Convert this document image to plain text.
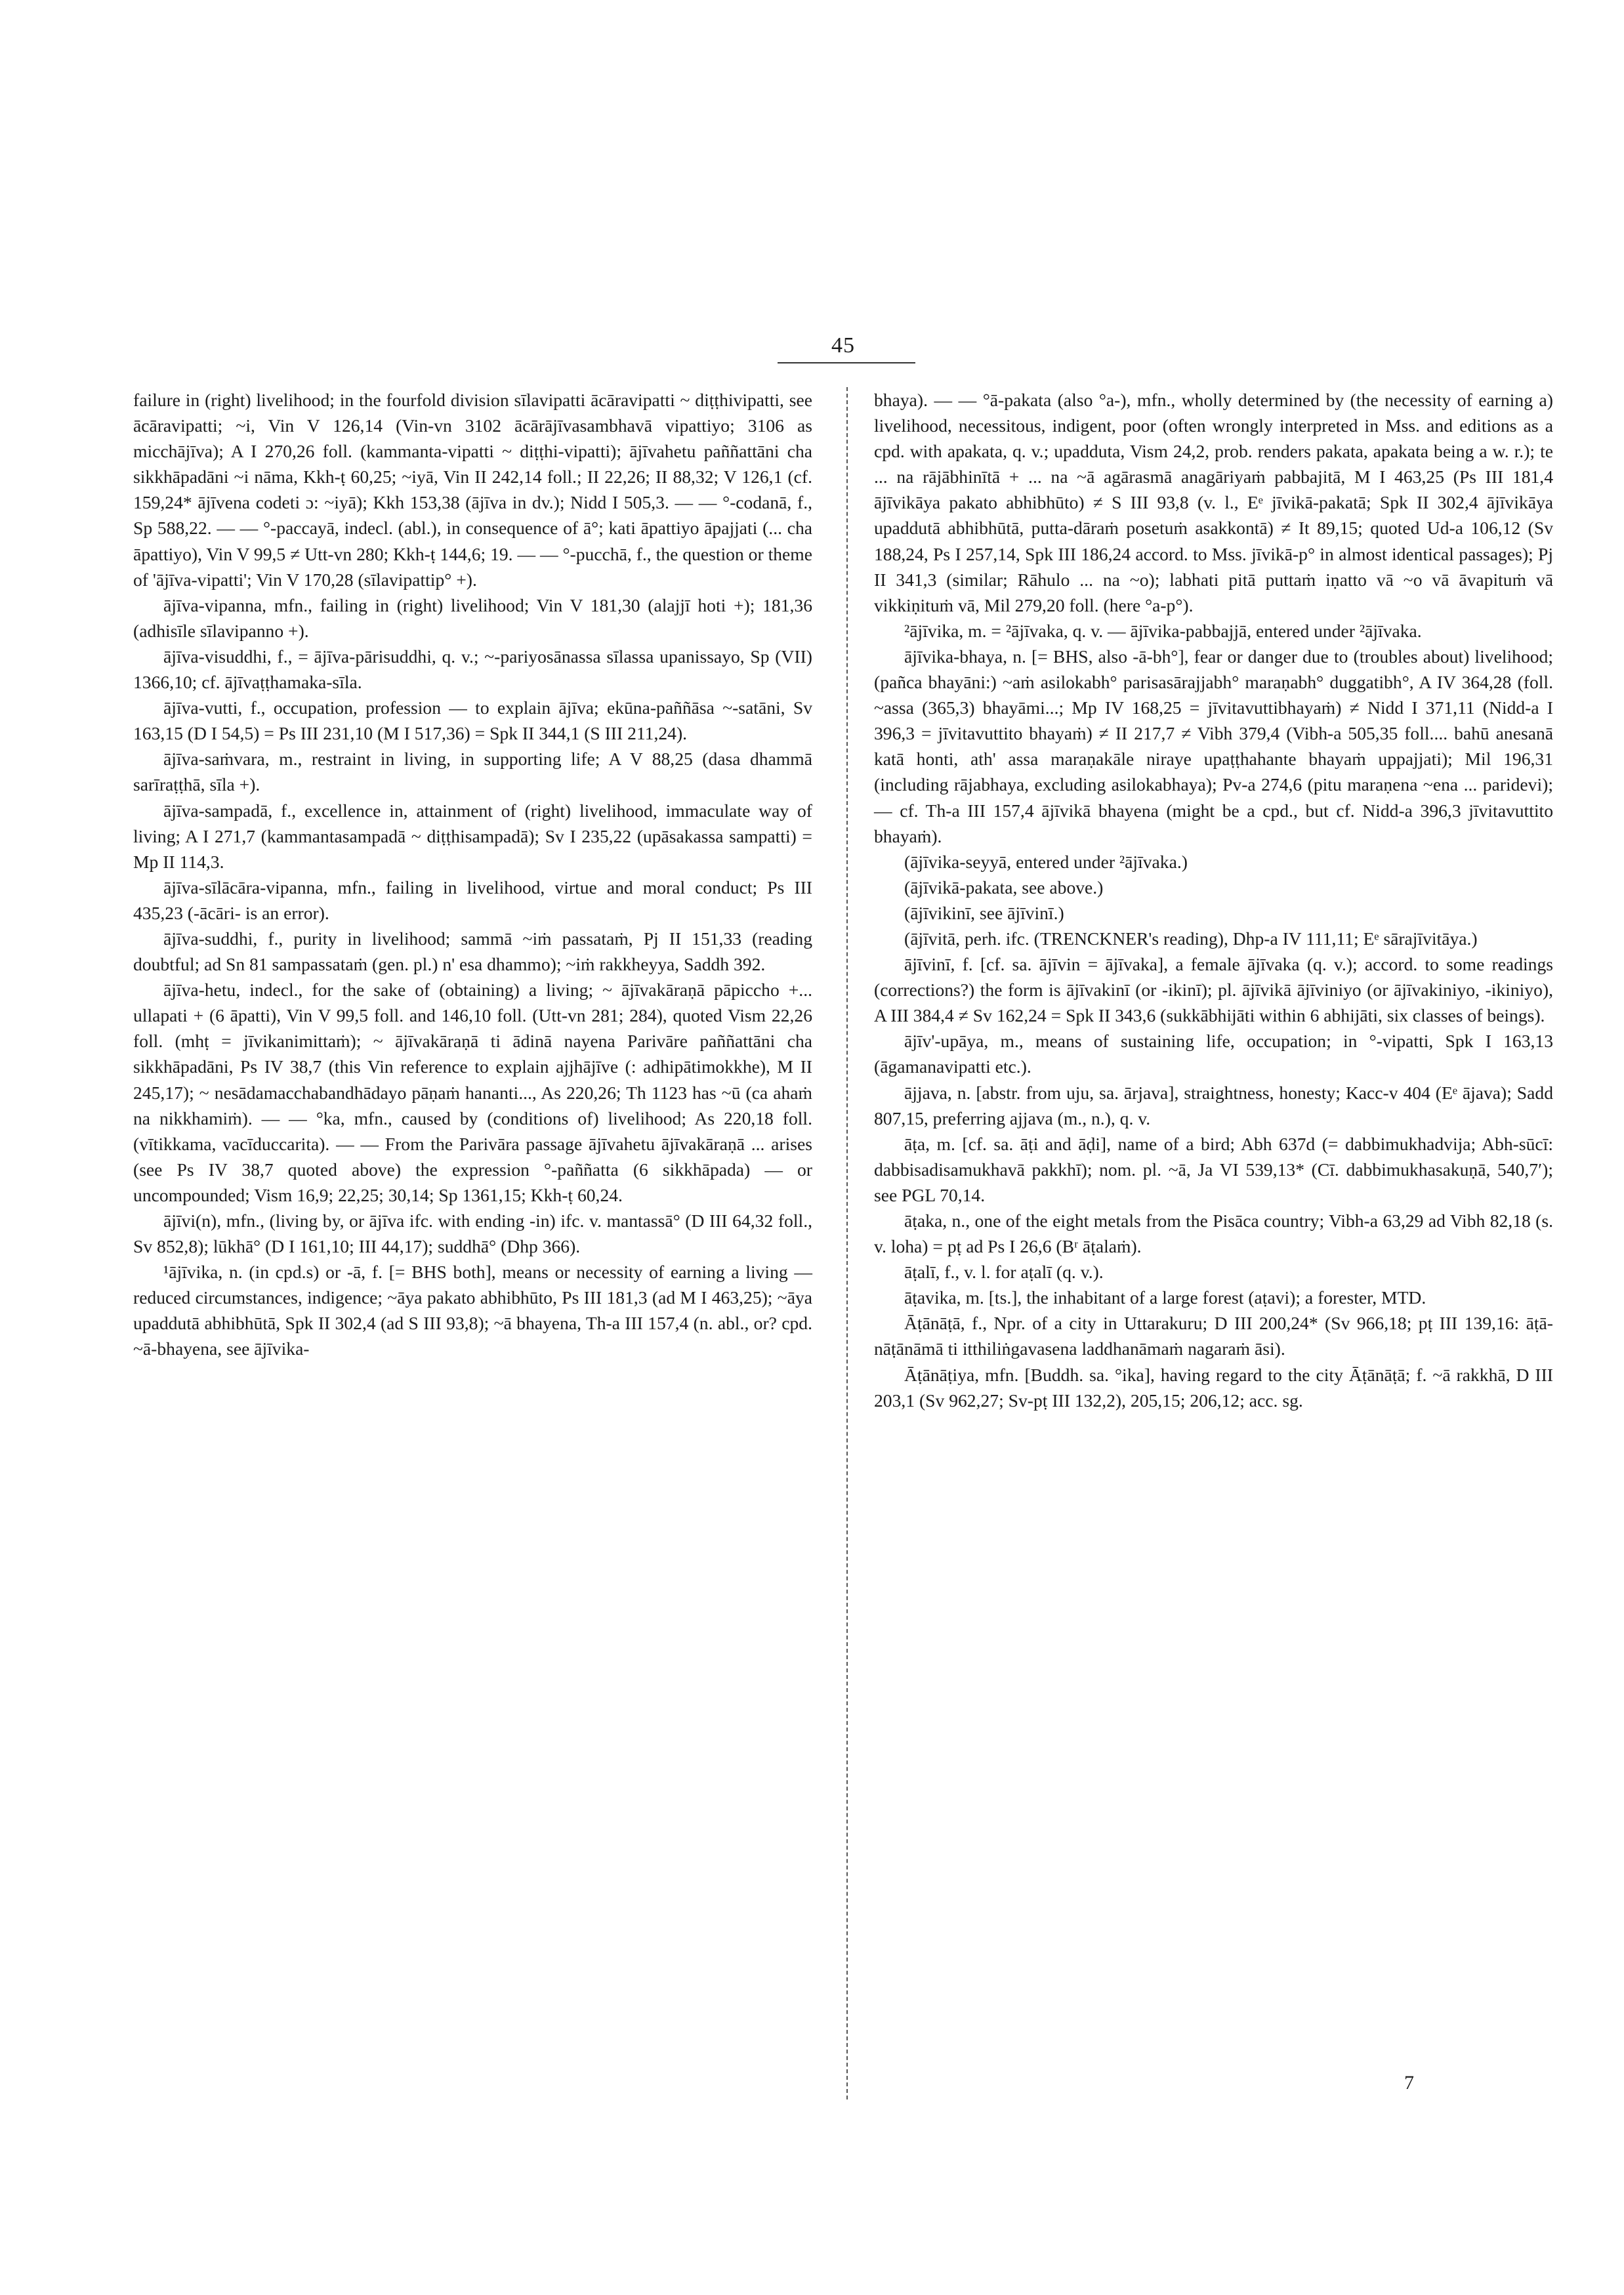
45

failure in (right) livelihood; in the fourfold division sīlavipatti ācāravipatti ~ diṭṭhivipatti, see ācāravipatti; ~i, Vin V 126,14 (Vin-vn 3102 ācārājīvasambhavā vipattiyo; 3106 as micchājīva); A I 270,26 foll. (kammanta-vipatti ~ diṭṭhi-vipatti); ājīvahetu paññattāni cha sikkhāpadāni ~i nāma, Kkh-ṭ 60,25; ~iyā, Vin II 242,14 foll.; II 22,26; II 88,32; V 126,1 (cf. 159,24* ājīvena codeti ɔ: ~iyā); Kkh 153,38 (ājīva in dv.); Nidd I 505,3. — — °-codanā, f., Sp 588,22. — — °-paccayā, indecl. (abl.), in consequence of ā°; kati āpattiyo āpajjati (... cha āpattiyo), Vin V 99,5 ≠ Utt-vn 280; Kkh-ṭ 144,6; 19. — — °-pucchā, f., the question or theme of 'ājīva-vipatti'; Vin V 170,28 (sīlavipattip° +).

ājīva-vipanna, mfn., failing in (right) livelihood; Vin V 181,30 (alajjī hoti +); 181,36 (adhisīle sīlavipanno +).

ājīva-visuddhi, f., = ājīva-pārisuddhi, q. v.; ~-pariyosānassa sīlassa upanissayo, Sp (VII) 1366,10; cf. ājīvaṭṭhamaka-sīla.

ājīva-vutti, f., occupation, profession — to explain ājīva; ekūna-paññāsa ~-satāni, Sv 163,15 (D I 54,5) = Ps III 231,10 (M I 517,36) = Spk II 344,1 (S III 211,24).

ājīva-saṁvara, m., restraint in living, in supporting life; A V 88,25 (dasa dhammā sarīraṭṭhā, sīla +).

ājīva-sampadā, f., excellence in, attainment of (right) livelihood, immaculate way of living; A I 271,7 (kammantasampadā ~ diṭṭhisampadā); Sv I 235,22 (upāsakassa sampatti) = Mp II 114,3.

ājīva-sīlācāra-vipanna, mfn., failing in livelihood, virtue and moral conduct; Ps III 435,23 (-ācāri- is an error).

ājīva-suddhi, f., purity in livelihood; sammā ~iṁ passataṁ, Pj II 151,33 (reading doubtful; ad Sn 81 sampassataṁ (gen. pl.) n' esa dhammo); ~iṁ rakkheyya, Saddh 392.

ājīva-hetu, indecl., for the sake of (obtaining) a living; ~ ājīvakāraṇā pāpiccho +... ullapati + (6 āpatti), Vin V 99,5 foll. and 146,10 foll. (Utt-vn 281; 284), quoted Vism 22,26 foll. (mhṭ = jīvikanimittaṁ); ~ ājīvakāraṇā ti ādinā nayena Parivāre paññattāni cha sikkhāpadāni, Ps IV 38,7 (this Vin reference to explain ajjhājīve (: adhipātimokkhe), M II 245,17); ~ nesādamacchabandhādayo pāṇaṁ hananti..., As 220,26; Th 1123 has ~ū (ca ahaṁ na nikkhamiṁ). — — °ka, mfn., caused by (conditions of) livelihood; As 220,18 foll. (vītikkama, vacīduccarita). — — From the Parivāra passage ājīvahetu ājīvakāraṇā ... arises (see Ps IV 38,7 quoted above) the expression °-paññatta (6 sikkhāpada) — or uncompounded; Vism 16,9; 22,25; 30,14; Sp 1361,15; Kkh-ṭ 60,24.

ājīvi(n), mfn., (living by, or ājīva ifc. with ending -in) ifc. v. mantassā° (D III 64,32 foll., Sv 852,8); lūkhā° (D I 161,10; III 44,17); suddhā° (Dhp 366).

¹ājīvika, n. (in cpd.s) or -ā, f. [= BHS both], means or necessity of earning a living — reduced circumstances, indigence; ~āya pakato abhibhūto, Ps III 181,3 (ad M I 463,25); ~āya upaddutā abhibhūtā, Spk II 302,4 (ad S III 93,8); ~ā bhayena, Th-a III 157,4 (n. abl., or? cpd. ~ā-bhayena, see ājīvika-

bhaya). — — °ā-pakata (also °a-), mfn., wholly determined by (the necessity of earning a) livelihood, necessitous, indigent, poor (often wrongly interpreted in Mss. and editions as a cpd. with apakata, q. v.; upadduta, Vism 24,2, prob. renders pakata, apakata being a w. r.); te ... na rājābhinītā + ... na ~ā agārasmā anagāriyaṁ pabbajitā, M I 463,25 (Ps III 181,4 ājīvikāya pakato abhibhūto) ≠ S III 93,8 (v. l., Eᵉ jīvikā-pakatā; Spk II 302,4 ājīvikāya upaddutā abhibhūtā, putta-dāraṁ posetuṁ asakkontā) ≠ It 89,15; quoted Ud-a 106,12 (Sv 188,24, Ps I 257,14, Spk III 186,24 accord. to Mss. jīvikā-p° in almost identical passages); Pj II 341,3 (similar; Rāhulo ... na ~o); labhati pitā puttaṁ iṇatto vā ~o vā āvapituṁ vā vikkiṇituṁ vā, Mil 279,20 foll. (here °a-p°).

²ājīvika, m. = ²ājīvaka, q. v. — ājīvika-pabbajjā, entered under ²ājīvaka.

ājīvika-bhaya, n. [= BHS, also -ā-bh°], fear or danger due to (troubles about) livelihood; (pañca bhayāni:) ~aṁ asilokabh° parisasārajjabh° maraṇabh° duggatibh°, A IV 364,28 (foll. ~assa (365,3) bhayāmi...; Mp IV 168,25 = jīvitavuttibhayaṁ) ≠ Nidd I 371,11 (Nidd-a I 396,3 = jīvitavuttito bhayaṁ) ≠ II 217,7 ≠ Vibh 379,4 (Vibh-a 505,35 foll.... bahū anesanā katā honti, ath' assa maraṇakāle niraye upaṭṭhahante bhayaṁ uppajjati); Mil 196,31 (including rājabhaya, excluding asilokabhaya); Pv-a 274,6 (pitu maraṇena ~ena ... paridevi); — cf. Th-a III 157,4 ājīvikā bhayena (might be a cpd., but cf. Nidd-a 396,3 jīvitavuttito bhayaṁ).

(ājīvika-seyyā, entered under ²ājīvaka.)

(ājīvikā-pakata, see above.)

(ājīvikinī, see ājīvinī.)

(ājīvitā, perh. ifc. (TRENCKNER's reading), Dhp-a IV 111,11; Eᵉ sārajīvitāya.)

ājīvinī, f. [cf. sa. ājīvin = ājīvaka], a female ājīvaka (q. v.); accord. to some readings (corrections?) the form is ājīvakinī (or -ikinī); pl. ājīvikā ājīviniyo (or ājīvakiniyo, -ikiniyo), A III 384,4 ≠ Sv 162,24 = Spk II 343,6 (sukkābhijāti within 6 abhijāti, six classes of beings).

ājīv'-upāya, m., means of sustaining life, occupation; in °-vipatti, Spk I 163,13 (āgamanavipatti etc.).

ājjava, n. [abstr. from uju, sa. ārjava], straightness, honesty; Kacc-v 404 (Eᵉ ājava); Sadd 807,15, preferring ajjava (m., n.), q. v.

āṭa, m. [cf. sa. āṭi and āḍi], name of a bird; Abh 637d (= dabbimukhadvija; Abh-sūcī: dabbisadisamukhavā pakkhī); nom. pl. ~ā, Ja VI 539,13* (Cī. dabbimukhasakuṇā, 540,7′); see PGL 70,14.

āṭaka, n., one of the eight metals from the Pisāca country; Vibh-a 63,29 ad Vibh 82,18 (s. v. loha) = pṭ ad Ps I 26,6 (Bʳ āṭalaṁ).

āṭalī, f., v. l. for aṭalī (q. v.).

āṭavika, m. [ts.], the inhabitant of a large forest (aṭavi); a forester, MTD.

Āṭānāṭā, f., Npr. of a city in Uttarakuru; D III 200,24* (Sv 966,18; pṭ III 139,16: āṭā-nāṭānāmā ti itthiliṅgavasena laddhanāmaṁ nagaraṁ āsi).

Āṭānāṭiya, mfn. [Buddh. sa. °ika], having regard to the city Āṭānāṭā; f. ~ā rakkhā, D III 203,1 (Sv 962,27; Sv-pṭ III 132,2), 205,15; 206,12; acc. sg.

7
